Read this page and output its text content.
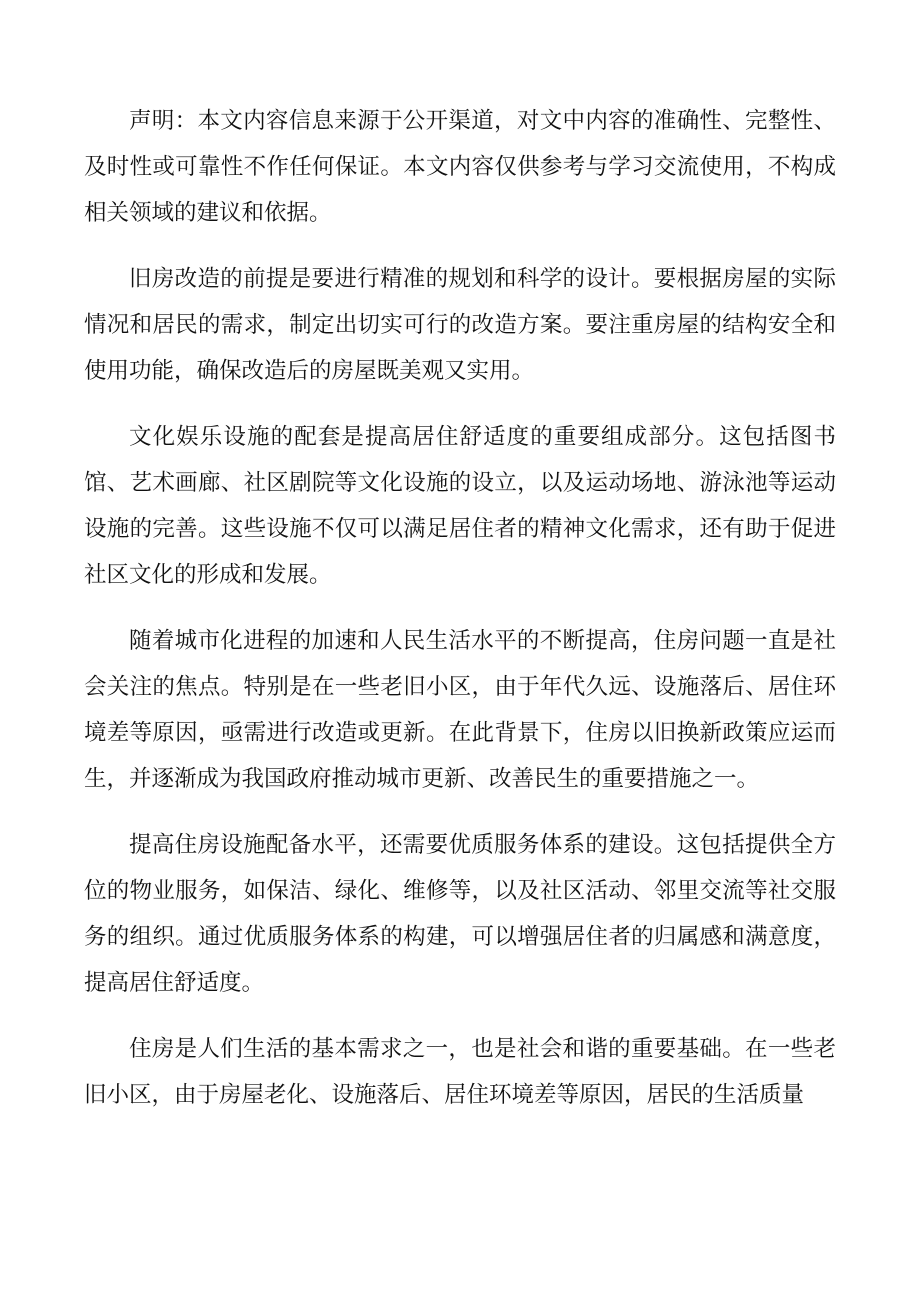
声明：本文内容信息来源于公开渠道，对文中内容的准确性、完整性、及时性或可靠性不作任何保证。本文内容仅供参考与学习交流使用，不构成相关领域的建议和依据。

旧房改造的前提是要进行精准的规划和科学的设计。要根据房屋的实际情况和居民的需求，制定出切实可行的改造方案。要注重房屋的结构安全和使用功能，确保改造后的房屋既美观又实用。

文化娱乐设施的配套是提高居住舒适度的重要组成部分。这包括图书馆、艺术画廊、社区剧院等文化设施的设立，以及运动场地、游泳池等运动设施的完善。这些设施不仅可以满足居住者的精神文化需求，还有助于促进社区文化的形成和发展。

随着城市化进程的加速和人民生活水平的不断提高，住房问题一直是社会关注的焦点。特别是在一些老旧小区，由于年代久远、设施落后、居住环境差等原因，亟需进行改造或更新。在此背景下，住房以旧换新政策应运而生，并逐渐成为我国政府推动城市更新、改善民生的重要措施之一。

提高住房设施配备水平，还需要优质服务体系的建设。这包括提供全方位的物业服务，如保洁、绿化、维修等，以及社区活动、邻里交流等社交服务的组织。通过优质服务体系的构建，可以增强居住者的归属感和满意度，提高居住舒适度。

住房是人们生活的基本需求之一，也是社会和谐的重要基础。在一些老旧小区，由于房屋老化、设施落后、居住环境差等原因，居民的生活质量
